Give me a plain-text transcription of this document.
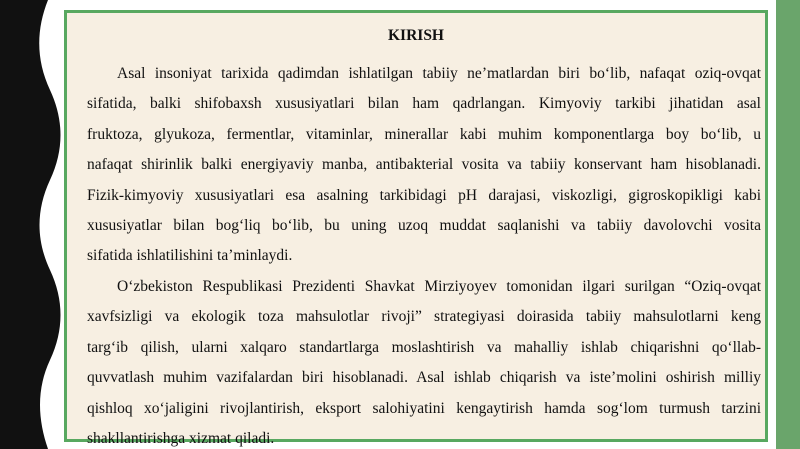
KIRISH
Asal insoniyat tarixida qadimdan ishlatilgan tabiiy ne’matlardan biri bo‘lib, nafaqat oziq-ovqat
sifatida, balki shifobaxsh xususiyatlari bilan ham qadrlangan. Kimyoviy tarkibi jihatidan asal
fruktoza, glyukoza, fermentlar, vitaminlar, minerallar kabi muhim komponentlarga boy bo‘lib, u
nafaqat shirinlik balki energiyaviy manba, antibakterial vosita va tabiiy konservant ham hisoblanadi.
Fizik-kimyoviy xususiyatlari esa asalning tarkibidagi pH darajasi, viskozligi, gigroskopikligi kabi
xususiyatlar bilan bog‘liq bo‘lib, bu uning uzoq muddat saqlanishi va tabiiy davolovchi vosita
sifatida ishlatilishini ta’minlaydi.
O‘zbekiston Respublikasi Prezidenti Shavkat Mirziyoyev tomonidan ilgari surilgan “Oziq-ovqat
xavfsizligi va ekologik toza mahsulotlar rivoji” strategiyasi doirasida tabiiy mahsulotlarni keng
targ‘ib qilish, ularni xalqaro standartlarga moslashtirish va mahalliy ishlab chiqarishni qo‘llab-
quvvatlash muhim vazifalardan biri hisoblanadi. Asal ishlab chiqarish va iste’molini oshirish milliy
qishloq xo‘jaligini rivojlantirish, eksport salohiyatini kengaytirish hamda sog‘lom turmush tarzini
shakllantirishga xizmat qiladi.
